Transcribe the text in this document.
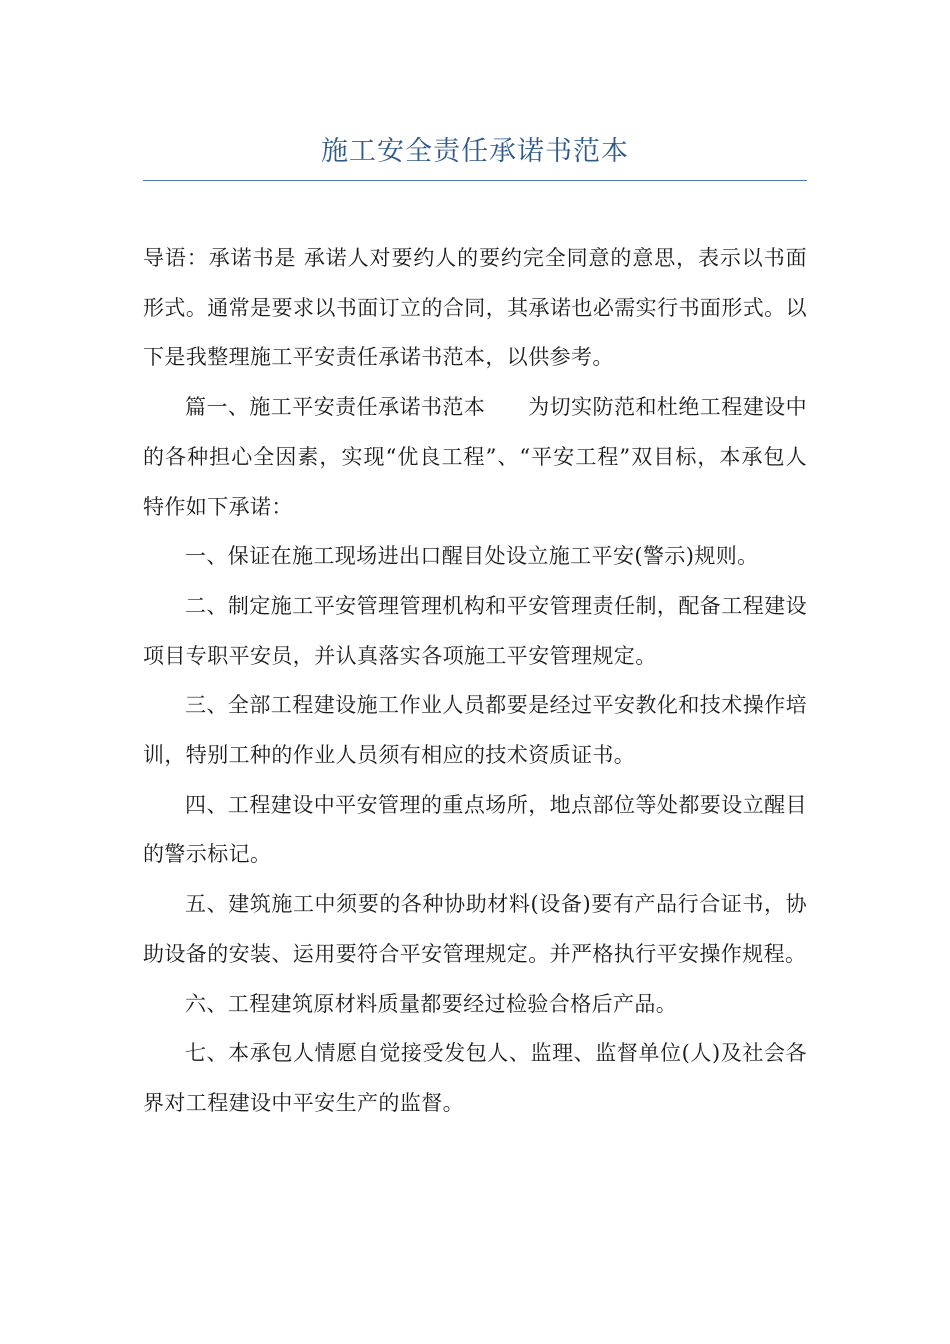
施工安全责任承诺书范本

导语：承诺书是 承诺人对要约人的要约完全同意的意思，表示以书面形式。通常是要求以书面订立的合同，其承诺也必需实行书面形式。以下是我整理施工平安责任承诺书范本，以供参考。

篇一、施工平安责任承诺书范本　　为切实防范和杜绝工程建设中的各种担心全因素，实现“优良工程”、“平安工程”双目标，本承包人特作如下承诺：

一、保证在施工现场进出口醒目处设立施工平安(警示)规则。

二、制定施工平安管理管理机构和平安管理责任制，配备工程建设项目专职平安员，并认真落实各项施工平安管理规定。

三、全部工程建设施工作业人员都要是经过平安教化和技术操作培训，特别工种的作业人员须有相应的技术资质证书。

四、工程建设中平安管理的重点场所，地点部位等处都要设立醒目的警示标记。

五、建筑施工中须要的各种协助材料(设备)要有产品行合证书，协助设备的安装、运用要符合平安管理规定。并严格执行平安操作规程。

六、工程建筑原材料质量都要经过检验合格后产品。

七、本承包人情愿自觉接受发包人、监理、监督单位(人)及社会各界对工程建设中平安生产的监督。
